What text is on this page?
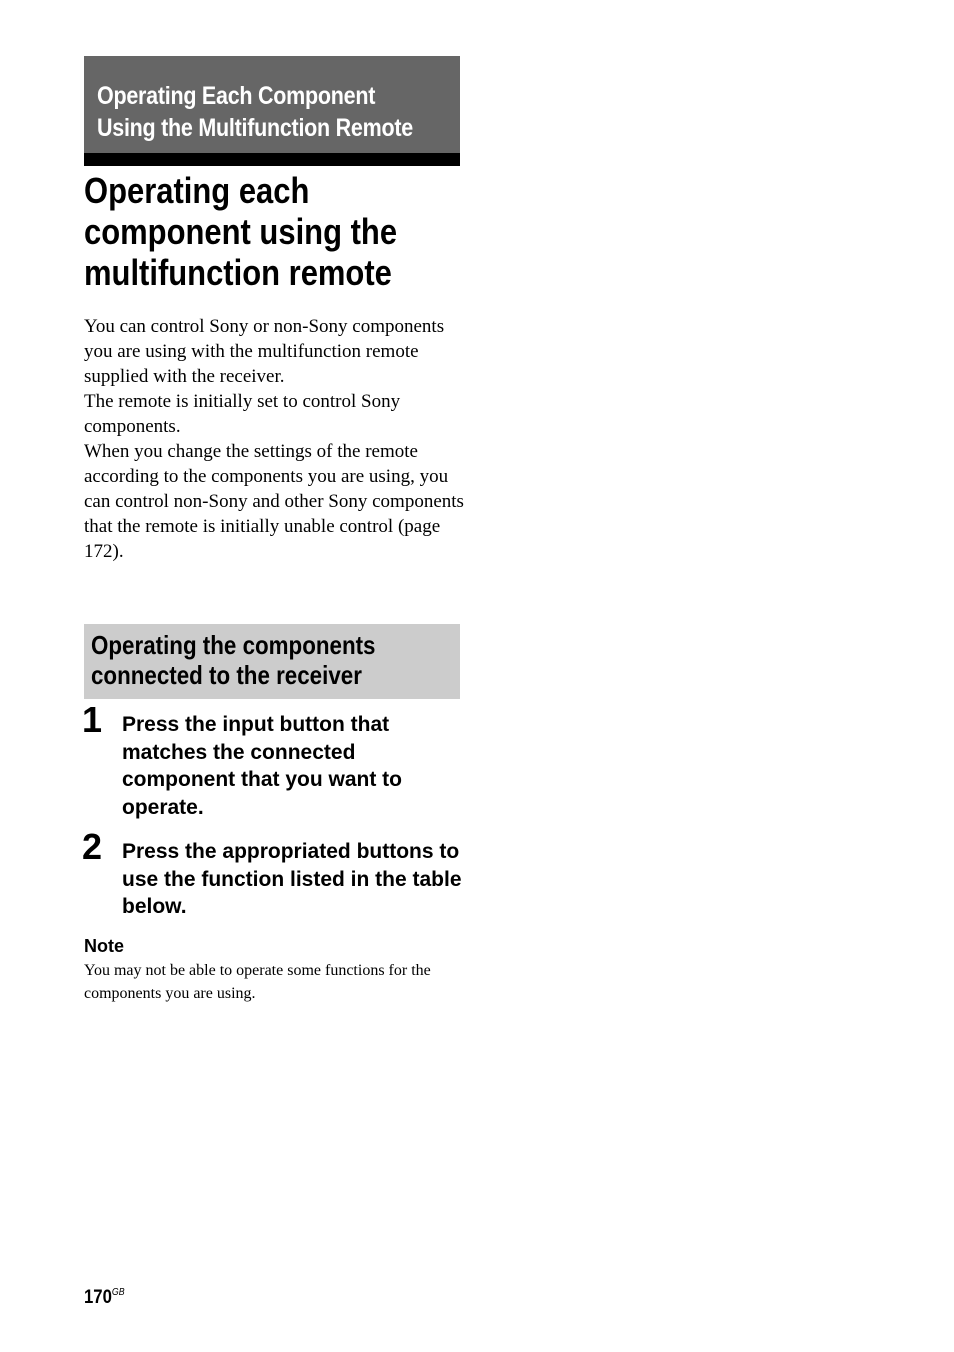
Operating Each Component
Using the Multifunction Remote
Operating each
component using the
multifunction remote

You can control Sony or non-Sony components you are using with the multifunction remote supplied with the receiver.

The remote is initially set to control Sony components.

When you change the settings of the remote according to the components you are using, you can control non-Sony and other Sony components that the remote is initially unable control (page 172).

Operating the components
connected to the receiver
1 Press the input button that matches the connected component that you want to operate.
2 Press the appropriated buttons to use the function listed in the table below.
Note
You may not be able to operate some functions for the components you are using.
$170^{GB}$
